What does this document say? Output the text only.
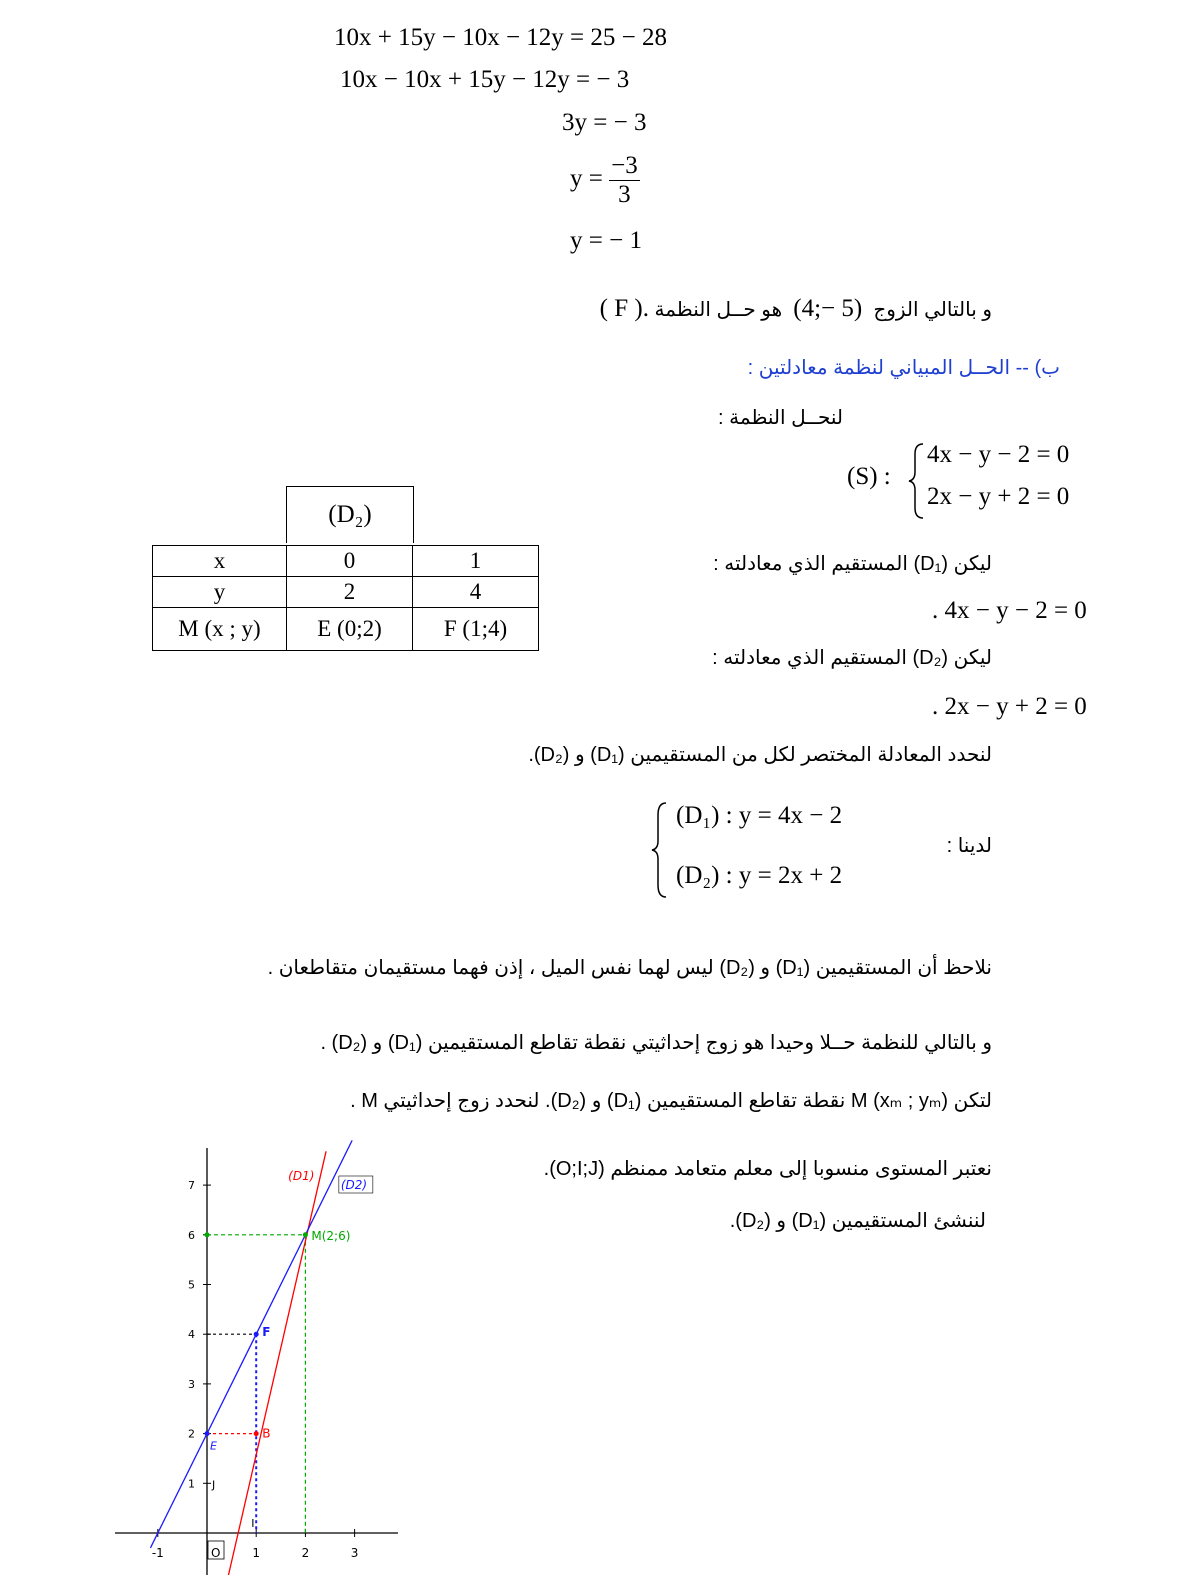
10x + 15y − 10x − 12y = 25 − 28
10x − 10x + 15y − 12y = − 3
3y = − 3
$y = \frac{-3}{3}$
y = − 1
و بالتالي الزوج  (4;− 5)  هو حــل النظمة ( F ).
ب) -- الحــل المبياني لنظمة معادلتين :
لنحــل النظمة :
(S) :
4x − y − 2 = 0
2x − y + 2 = 0
(D₂)
x	0	1
y	2	4
M (x ; y)	E (0;2)	F (1;4)
ليكن (D₁) المستقيم الذي معادلته :
. 4x − y − 2 = 0
ليكن (D₂) المستقيم الذي معادلته :
. 2x − y + 2 = 0
لنحدد المعادلة المختصر لكل من المستقيمين (D₁) و (D₂).
(D₁) : y = 4x − 2
(D₂) : y = 2x + 2
لدينا :
نلاحظ أن المستقيمين (D₁) و (D₂) ليس لهما نفس الميل ، إذن فهما مستقيمان متقاطعان .
و بالتالي للنظمة حــلا وحيدا هو زوج إحداثيتي نقطة تقاطع المستقيمين (D₁) و (D₂) .
لتكن M (xₘ ; yₘ) نقطة تقاطع المستقيمين (D₁) و (D₂). لنحدد زوج إحداثيتي M .
نعتبر المستوى منسوبا إلى معلم متعامد ممنظم (O;I;J).
لننشئ المستقيمين (D₁) و (D₂).
-1	1	2	3
1
2
3
4
5
6
7
O
I
J
M(2;6)
F
B
E
(D1)
(D2)
